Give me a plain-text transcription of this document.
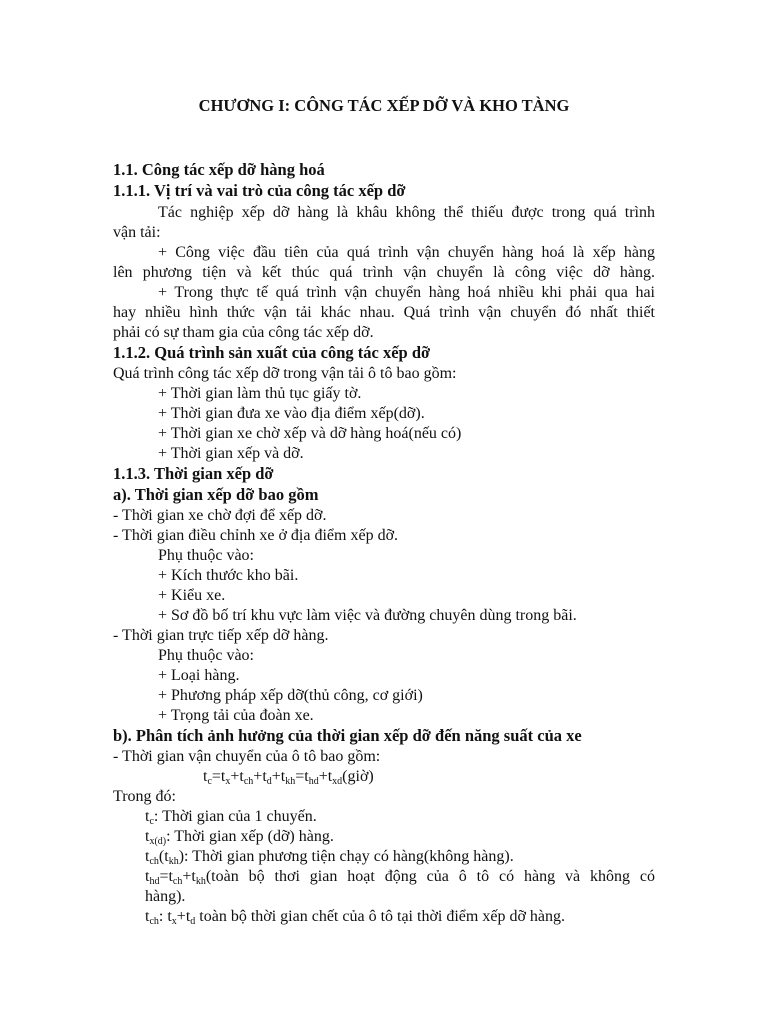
CHƯƠNG I: CÔNG TÁC XẾP DỠ VÀ KHO TÀNG
1.1. Công tác xếp dỡ hàng hoá
1.1.1. Vị trí và vai trò của công tác xếp dỡ
Tác nghiệp xếp dỡ hàng là khâu không thể thiếu được trong quá trình
vận tải:
+ Công việc đầu tiên của quá trình vận chuyển hàng hoá là xếp hàng
lên phương tiện và kết thúc quá trình vận chuyển là công việc dỡ hàng.
+ Trong thực tế quá trình vận chuyển hàng hoá nhiều khi phải qua hai
hay nhiều hình thức vận tải khác nhau. Quá trình vận chuyển đó nhất thiết
phải có sự tham gia của công tác xếp dỡ.
1.1.2. Quá trình sản xuất của công tác xếp dỡ
Quá trình công tác xếp dỡ trong vận tải ô tô bao gồm:
+ Thời gian làm thủ tục giấy tờ.
+ Thời gian đưa xe vào địa điểm xếp(dỡ).
+ Thời gian xe chờ xếp và dỡ hàng hoá(nếu có)
+ Thời gian xếp và dỡ.
1.1.3. Thời gian xếp dỡ
a). Thời gian xếp dỡ bao gồm
- Thời gian xe chờ đợi để xếp dỡ.
- Thời gian điều chỉnh xe ở địa điểm xếp dỡ.
Phụ thuộc vào:
+ Kích thước kho bãi.
+ Kiểu xe.
+ Sơ đồ bố trí khu vực làm việc và đường chuyên dùng trong bãi.
- Thời gian trực tiếp xếp dỡ hàng.
Phụ thuộc vào:
+ Loại hàng.
+ Phương pháp xếp dỡ(thủ công, cơ giới)
+ Trọng tải của đoàn xe.
b). Phân tích ảnh hưởng của thời gian xếp dỡ đến năng suất của xe
- Thời gian vận chuyển của ô tô bao gồm:
$t_c=t_x+t_{ch}+t_d+t_{kh}=t_{hd}+t_{xd}(giờ)$
Trong đó:
$t_c$: Thời gian của 1 chuyến.
$t_{x(d)}$: Thời gian xếp (dỡ) hàng.
$t_{ch}(t_{kh})$: Thời gian phương tiện chạy có hàng(không hàng).
$t_{hd}=t_{ch}+t_{kh}(toàn$ bộ thơi gian hoạt động của ô tô có hàng và không có
hàng).
$t_{ch}$: $t_x+t_d$ toàn bộ thời gian chết của ô tô tại thời điểm xếp dỡ hàng.
